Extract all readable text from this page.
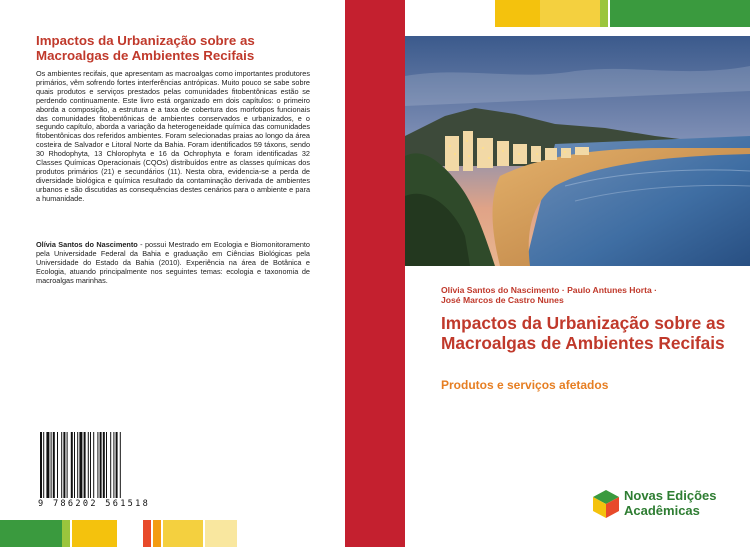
Impactos da Urbanização sobre as Macroalgas de Ambientes Recifais

Os ambientes recifais, que apresentam as macroalgas como importantes produtores primários, vêm sofrendo fortes interferências antrópicas. Muito pouco se sabe sobre quais produtos e serviços prestados pelas comunidades fitobentônicas estão se perdendo continuamente. Este livro está organizado em dois capítulos: o primeiro aborda a composição, a estrutura e a taxa de cobertura dos morfotipos funcionais das comunidades fitobentônicas de ambientes conservados e urbanizados, e o segundo capítulo, aborda a variação da heterogeneidade química das comunidades fitobentônicas dos referidos ambientes. Foram selecionadas praias ao longo da área costeira de Salvador e Litoral Norte da Bahia. Foram identificados 59 táxons, sendo 30 Rhodophyta, 13 Chlorophyta e 16 da Ochrophyta e foram identificadas 32 Classes Químicas Operacionais (CQOs) distribuídos entre as classes químicas dos produtos primários (21) e secundários (11). Nesta obra, evidencia-se a perda de diversidade biológica e química resultado da contaminação derivada de ambientes urbanos e são discutidas as consequências destes cenários para o ambiente e para a humanidade.

Olívia Santos do Nascimento - possui Mestrado em Ecologia e Biomonitoramento pela Universidade Federal da Bahia e graduação em Ciências Biológicas pela Universidade do Estado da Bahia (2010). Experiência na área de Botânica e Ecologia, atuando principalmente nos seguintes temas: ecologia e taxonomia de macroalgas marinhas.

9 786202 561518

Olívia Santos do Nascimento · Paulo Antunes Horta ·
José Marcos de Castro Nunes

Impactos da Urbanização sobre as Macroalgas de Ambientes Recifais

Produtos e serviços afetados

Novas Edições
Acadêmicas
